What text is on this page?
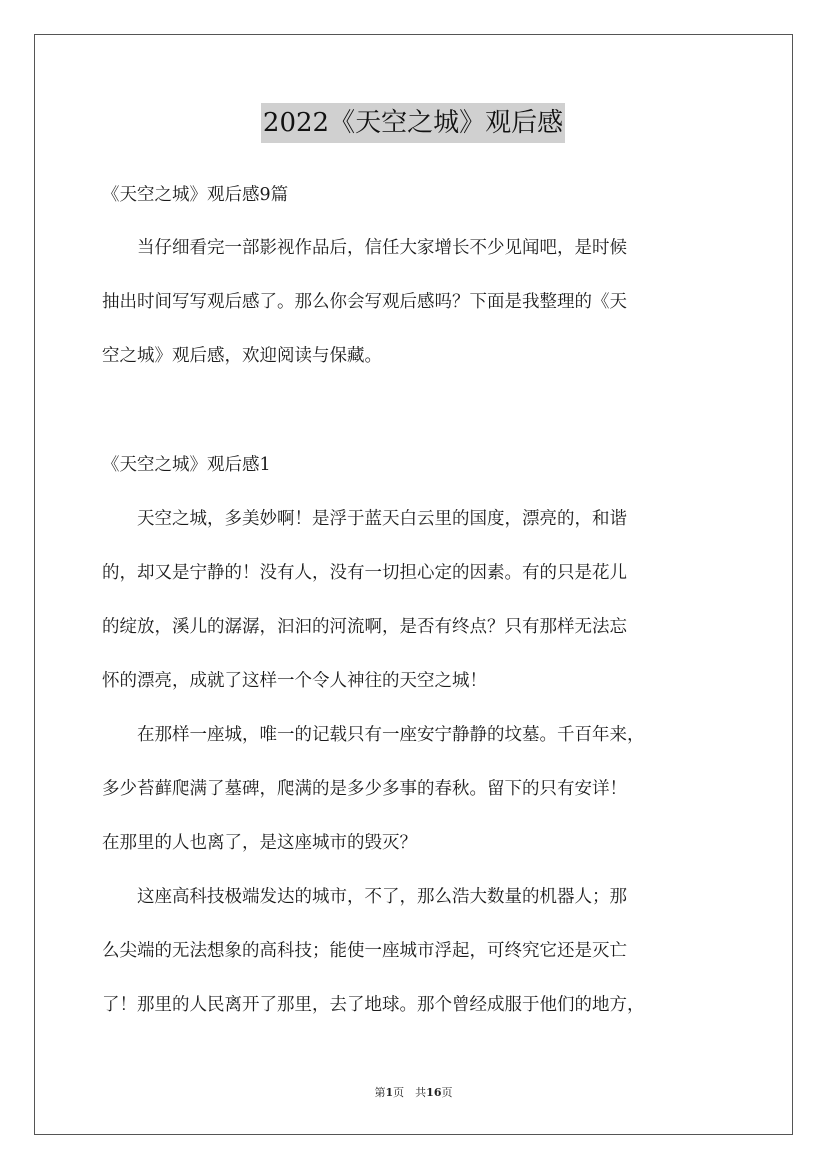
2022《天空之城》观后感
《天空之城》观后感9篇
　　当仔细看完一部影视作品后，信任大家增长不少见闻吧，是时候
抽出时间写写观后感了。那么你会写观后感吗？下面是我整理的《天
空之城》观后感，欢迎阅读与保藏。
《天空之城》观后感1
　　天空之城，多美妙啊！是浮于蓝天白云里的国度，漂亮的，和谐
的，却又是宁静的！没有人，没有一切担心定的因素。有的只是花儿
的绽放，溪儿的潺潺，汩汩的河流啊，是否有终点？只有那样无法忘
怀的漂亮，成就了这样一个令人神往的天空之城！
　　在那样一座城，唯一的记载只有一座安宁静静的坟墓。千百年来，
多少苔藓爬满了墓碑，爬满的是多少多事的春秋。留下的只有安详！
在那里的人也离了，是这座城市的毁灭？
　　这座高科技极端发达的城市，不了，那么浩大数量的机器人；那
么尖端的无法想象的高科技；能使一座城市浮起，可终究它还是灭亡
了！那里的人民离开了那里，去了地球。那个曾经成服于他们的地方，
第1页　共16页
